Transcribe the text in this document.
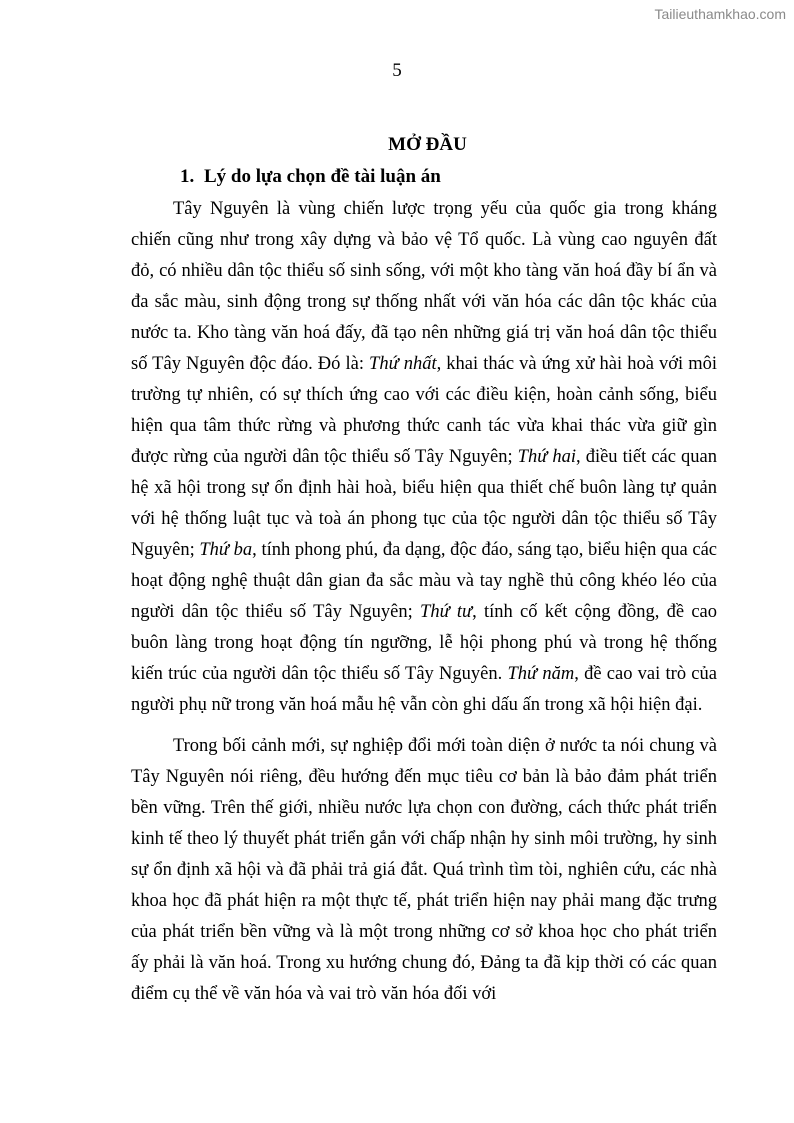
Tailieuthamkhao.com
5
MỞ ĐẦU
1. Lý do lựa chọn đề tài luận án

Tây Nguyên là vùng chiến lược trọng yếu của quốc gia trong kháng chiến cũng như trong xây dựng và bảo vệ Tổ quốc. Là vùng cao nguyên đất đỏ, có nhiều dân tộc thiểu số sinh sống, với một kho tàng văn hoá đầy bí ẩn và đa sắc màu, sinh động trong sự thống nhất với văn hóa các dân tộc khác của nước ta. Kho tàng văn hoá đấy, đã tạo nên những giá trị văn hoá dân tộc thiểu số Tây Nguyên độc đáo. Đó là: Thứ nhất, khai thác và ứng xử hài hoà với môi trường tự nhiên, có sự thích ứng cao với các điều kiện, hoàn cảnh sống, biểu hiện qua tâm thức rừng và phương thức canh tác vừa khai thác vừa giữ gìn được rừng của người dân tộc thiểu số Tây Nguyên; Thứ hai, điều tiết các quan hệ xã hội trong sự ổn định hài hoà, biểu hiện qua thiết chế buôn làng tự quản với hệ thống luật tục và toà án phong tục của tộc người dân tộc thiểu số Tây Nguyên; Thứ ba, tính phong phú, đa dạng, độc đáo, sáng tạo, biểu hiện qua các hoạt động nghệ thuật dân gian đa sắc màu và tay nghề thủ công khéo léo của người dân tộc thiểu số Tây Nguyên; Thứ tư, tính cố kết cộng đồng, đề cao buôn làng trong hoạt động tín ngưỡng, lễ hội phong phú và trong hệ thống kiến trúc của người dân tộc thiểu số Tây Nguyên. Thứ năm, đề cao vai trò của người phụ nữ trong văn hoá mẫu hệ vẫn còn ghi dấu ấn trong xã hội hiện đại.

Trong bối cảnh mới, sự nghiệp đổi mới toàn diện ở nước ta nói chung và Tây Nguyên nói riêng, đều hướng đến mục tiêu cơ bản là bảo đảm phát triển bền vững. Trên thế giới, nhiều nước lựa chọn con đường, cách thức phát triển kinh tế theo lý thuyết phát triển gắn với chấp nhận hy sinh môi trường, hy sinh sự ổn định xã hội và đã phải trả giá đắt. Quá trình tìm tòi, nghiên cứu, các nhà khoa học đã phát hiện ra một thực tế, phát triển hiện nay phải mang đặc trưng của phát triển bền vững và là một trong những cơ sở khoa học cho phát triển ấy phải là văn hoá. Trong xu hướng chung đó, Đảng ta đã kịp thời có các quan điểm cụ thể về văn hóa và vai trò văn hóa đối với
